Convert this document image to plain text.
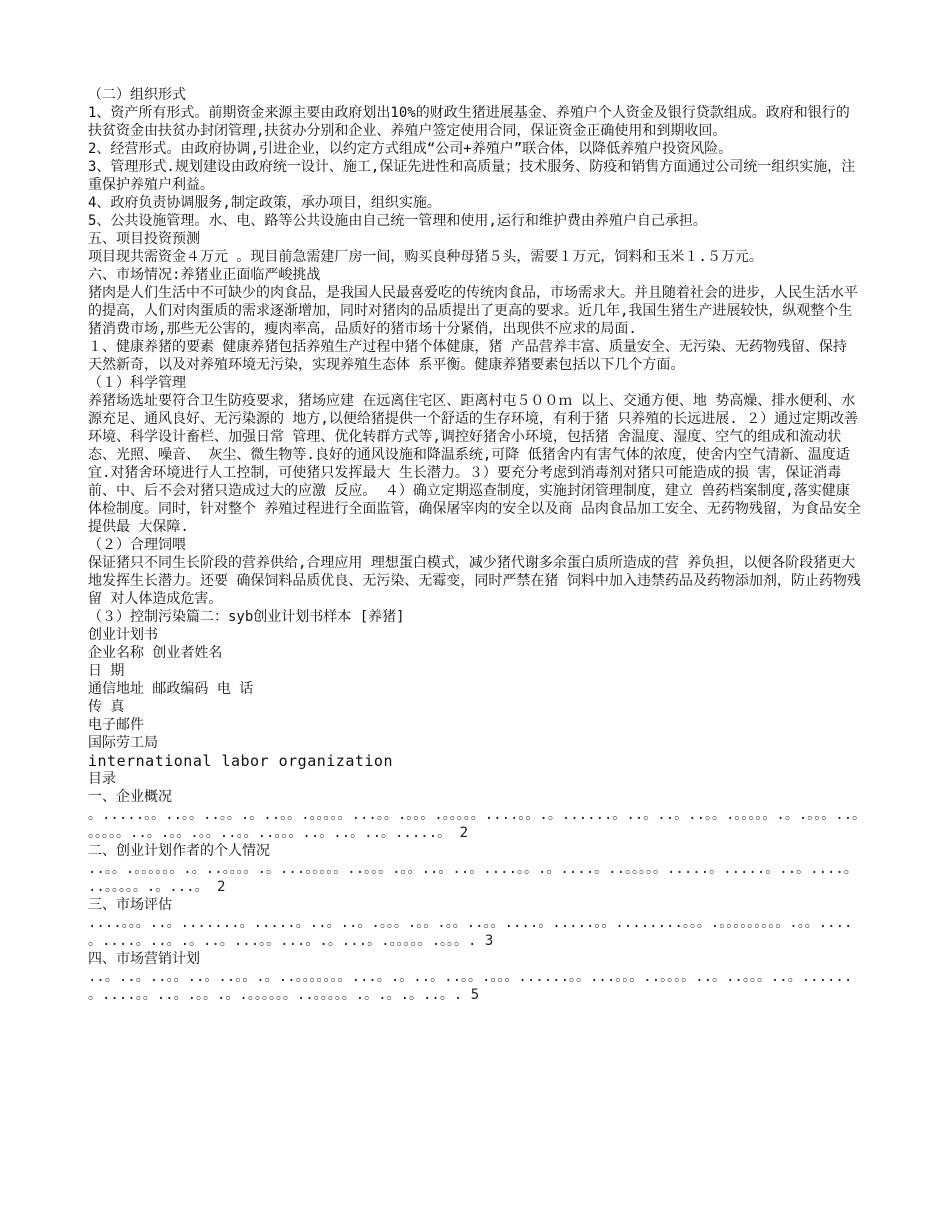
（二）组织形式

1、资产所有形式。前期资金来源主要由政府划出10%的财政生猪进展基金、养殖户个人资金及银行贷款组成。政府和银行的扶贫资金由扶贫办封闭管理,扶贫办分别和企业、养殖户签定使用合同，保证资金正确使用和到期收回。

2、经营形式。由政府协调,引进企业，以约定方式组成“公司+养殖户”联合体，以降低养殖户投资风险。

3、管理形式.规划建设由政府统一设计、施工,保证先进性和高质量；技术服务、防疫和销售方面通过公司统一组织实施，注重保护养殖户利益。

4、政府负责协调服务,制定政策，承办项目，组织实施。

5、公共设施管理。水、电、路等公共设施由自己统一管理和使用,运行和维护费由养殖户自己承担。

五、项目投资预测

项目现共需资金４万元 。现目前急需建厂房一间，购买良种母猪５头，需要１万元，饲料和玉米１.５万元。

六、市场情况:养猪业正面临严峻挑战

猪肉是人们生活中不可缺少的肉食品，是我国人民最喜爱吃的传统肉食品，市场需求大。并且随着社会的进步，人民生活水平的提高，人们对肉蛋质的需求逐渐增加，同时对猪肉的品质提出了更高的要求。近几年,我国生猪生产进展较快，纵观整个生猪消费市场,那些无公害的，瘦肉率高，品质好的猪市场十分紧俏，出现供不应求的局面.

１、健康养猪的要素 健康养猪包括养殖生产过程中猪个体健康，猪 产品营养丰富、质量安全、无污染、无药物残留、保持 天然新奇，以及对养殖环境无污染，实现养殖生态体 系平衡。健康养猪要素包括以下几个方面。

（１）科学管理

养猪场选址要符合卫生防疫要求，猪场应建 在远离住宅区、距离村屯５００ｍ 以上、交通方便、地 势高燥、排水便利、水源充足、通风良好、无污染源的 地方,以便给猪提供一个舒适的生存环境，有利于猪 只养殖的长远进展. ２）通过定期改善环境、科学设计畜栏、加强日常 管理、优化转群方式等,调控好猪舍小环境，包括猪 舍温度、湿度、空气的组成和流动状态、光照、噪音、 灰尘、微生物等.良好的通风设施和降温系统,可降 低猪舍内有害气体的浓度，使舍内空气清新、温度适 宜.对猪舍环境进行人工控制，可使猪只发挥最大 生长潜力。３）要充分考虑到消毒剂对猪只可能造成的损 害，保证消毒前、中、后不会对猪只造成过大的应激 反应。 ４）确立定期巡查制度，实施封闭管理制度，建立 兽药档案制度,落实健康体检制度。同时，针对整个 养殖过程进行全面监管，确保屠宰肉的安全以及商 品肉食品加工安全、无药物残留，为食品安全提供最 大保障.

（２）合理饲喂

保证猪只不同生长阶段的营养供给,合理应用 理想蛋白模式，减少猪代谢多余蛋白质所造成的营 养负担，以便各阶段猪更大地发挥生长潜力。还要 确保饲料品质优良、无污染、无霉变，同时严禁在猪 饲料中加入违禁药品及药物添加剂，防止药物残留 对人体造成危害。

（３）控制污染篇二：syb创业计划书样本 [养猪]

创业计划书

企业名称 创业者姓名

日 期

通信地址 邮政编码 电 话

传 真

电子邮件

国际劳工局

international labor organization

目录

一、企业概况

。.....。。..。。..。。.。..。。.。。。。。...。。.。。。.。。。。。....。。.。......。..。..。..。。.。。。。。.。.。。。..。。。。。。..。.。。.。。..。。..。。。..。..。..。.....。 2

二、创业计划作者的个人情况

..。。.。。。。。。.。..。。。。.。...。。。。。..。。。.。。..。..。....。。.。....。..。。。。。.....。.....。..。....。..。。。。。.。...。 2

三、市场评估

....。。。..。.......。.....。..。..。.。。。.。。.。。..。。....。.....。。........。。。.。。。。。。。。。.。。....。....。..。.。..。...。。...。.。...。.。。。。。.。。。. 3

四、市场营销计划

..。..。..。。..。..。。.。..。。。。。。。...。.。..。..。。.。。。......。。...。。。..。。。。..。..。。。..。......。....。。..。.。。.。.。。。。。。..。。。。。.。.。.。..。. 5
